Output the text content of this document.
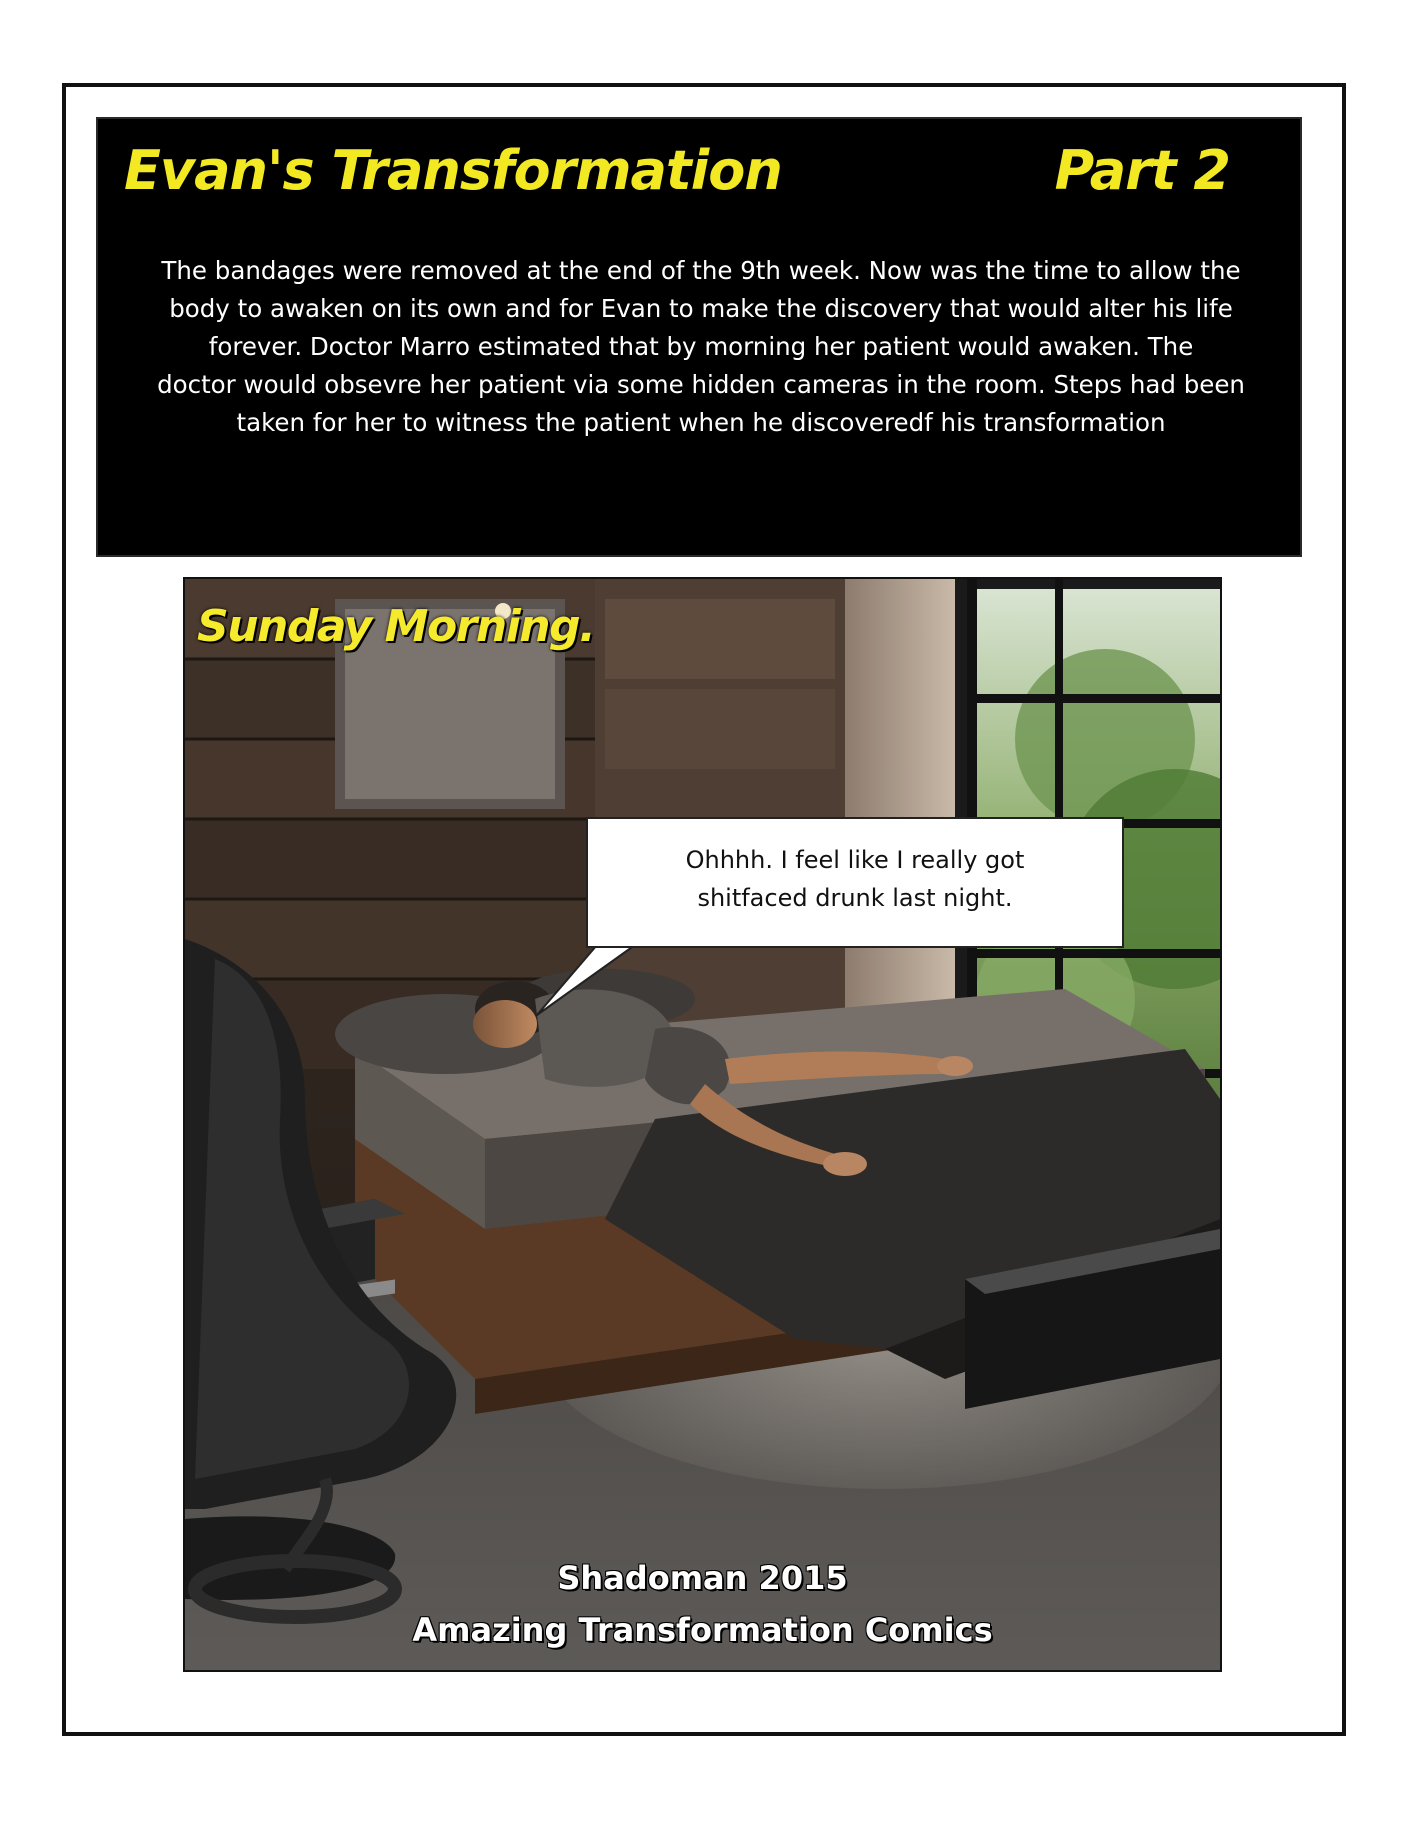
Evan's Transformation	Part 2

The bandages were removed at the end of the 9th week. Now was the time to allow the
body to awaken on its own and for Evan to make the discovery that would alter his life
forever. Doctor Marro estimated that by morning her patient would awaken. The
doctor would obsevre her patient via some hidden cameras in the room. Steps had been
taken for her to witness the patient when he discoveredf his transformation

Sunday Morning.

Ohhhh. I feel like I really got
shitfaced drunk last night.

Shadoman 2015
Amazing Transformation Comics
